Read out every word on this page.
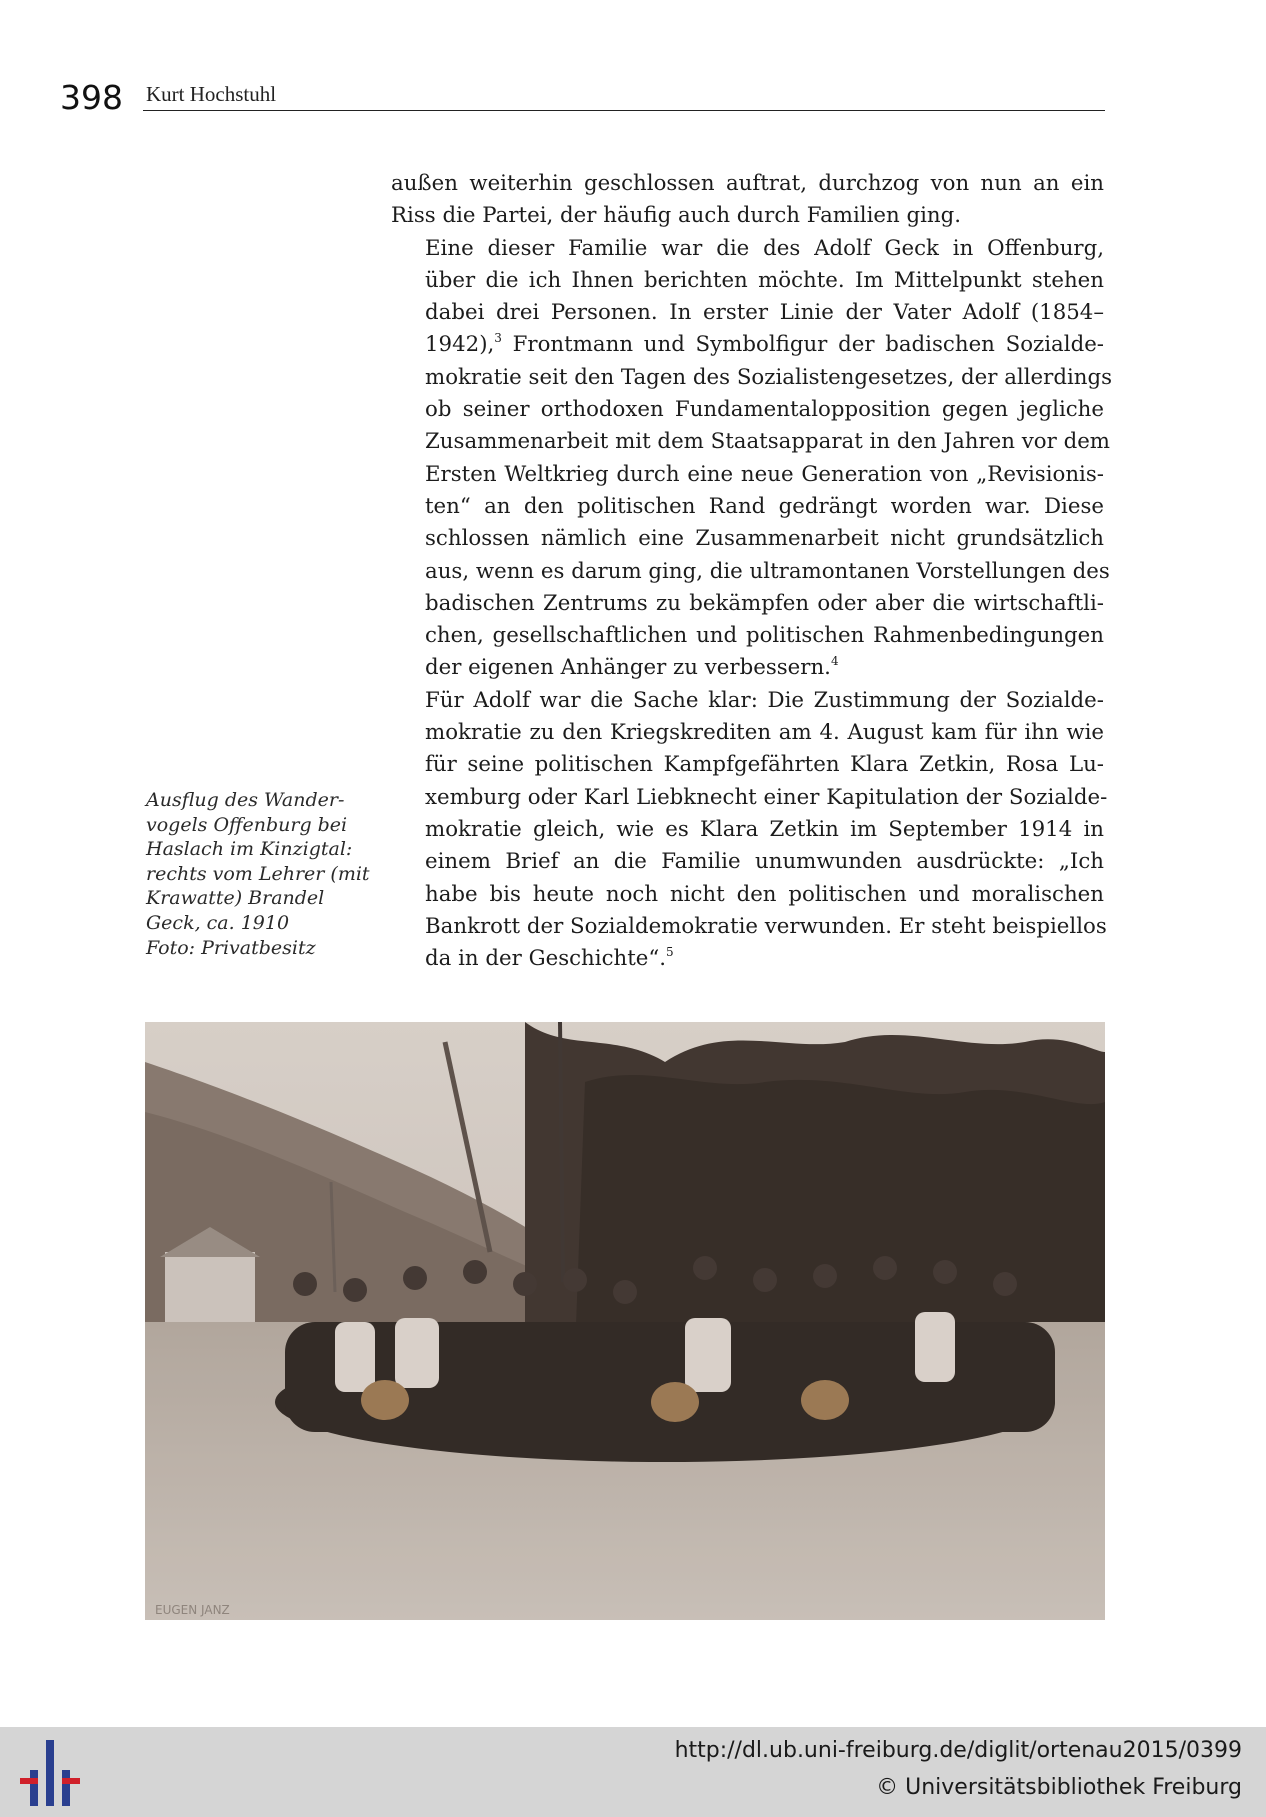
398 Kurt Hochstuhl

außen weiterhin geschlossen auftrat, durchzog von nun an ein
Riss die Partei, der häufig auch durch Familien ging.

Eine dieser Familie war die des Adolf Geck in Offenburg,
über die ich Ihnen berichten möchte. Im Mittelpunkt stehen
dabei drei Personen. In erster Linie der Vater Adolf (1854–
1942),$^3$ Frontmann und Symbolfigur der badischen Sozialde-
mokratie seit den Tagen des Sozialistengesetzes, der allerdings
ob seiner orthodoxen Fundamentalopposition gegen jegliche
Zusammenarbeit mit dem Staatsapparat in den Jahren vor dem
Ersten Weltkrieg durch eine neue Generation von „Revisionis-
ten“ an den politischen Rand gedrängt worden war. Diese
schlossen nämlich eine Zusammenarbeit nicht grundsätzlich
aus, wenn es darum ging, die ultramontanen Vorstellungen des
badischen Zentrums zu bekämpfen oder aber die wirtschaftli-
chen, gesellschaftlichen und politischen Rahmenbedingungen
der eigenen Anhänger zu verbessern.$^4$

Für Adolf war die Sache klar: Die Zustimmung der Sozialde-
mokratie zu den Kriegskrediten am 4. August kam für ihn wie
für seine politischen Kampfgefährten Klara Zetkin, Rosa Lu-
xemburg oder Karl Liebknecht einer Kapitulation der Sozialde-
mokratie gleich, wie es Klara Zetkin im September 1914 in
einem Brief an die Familie unumwunden ausdrückte: „Ich
habe bis heute noch nicht den politischen und moralischen
Bankrott der Sozialdemokratie verwunden. Er steht beispiellos
da in der Geschichte“.$^5$

Ausflug des Wander-
vogels Offenburg bei
Haslach im Kinzigtal:
rechts vom Lehrer (mit
Krawatte) Brandel
Geck, ca. 1910
Foto: Privatbesitz
EUGEN JANZ
http://dl.ub.uni-freiburg.de/diglit/ortenau2015/0399
© Universitätsbibliothek Freiburg
